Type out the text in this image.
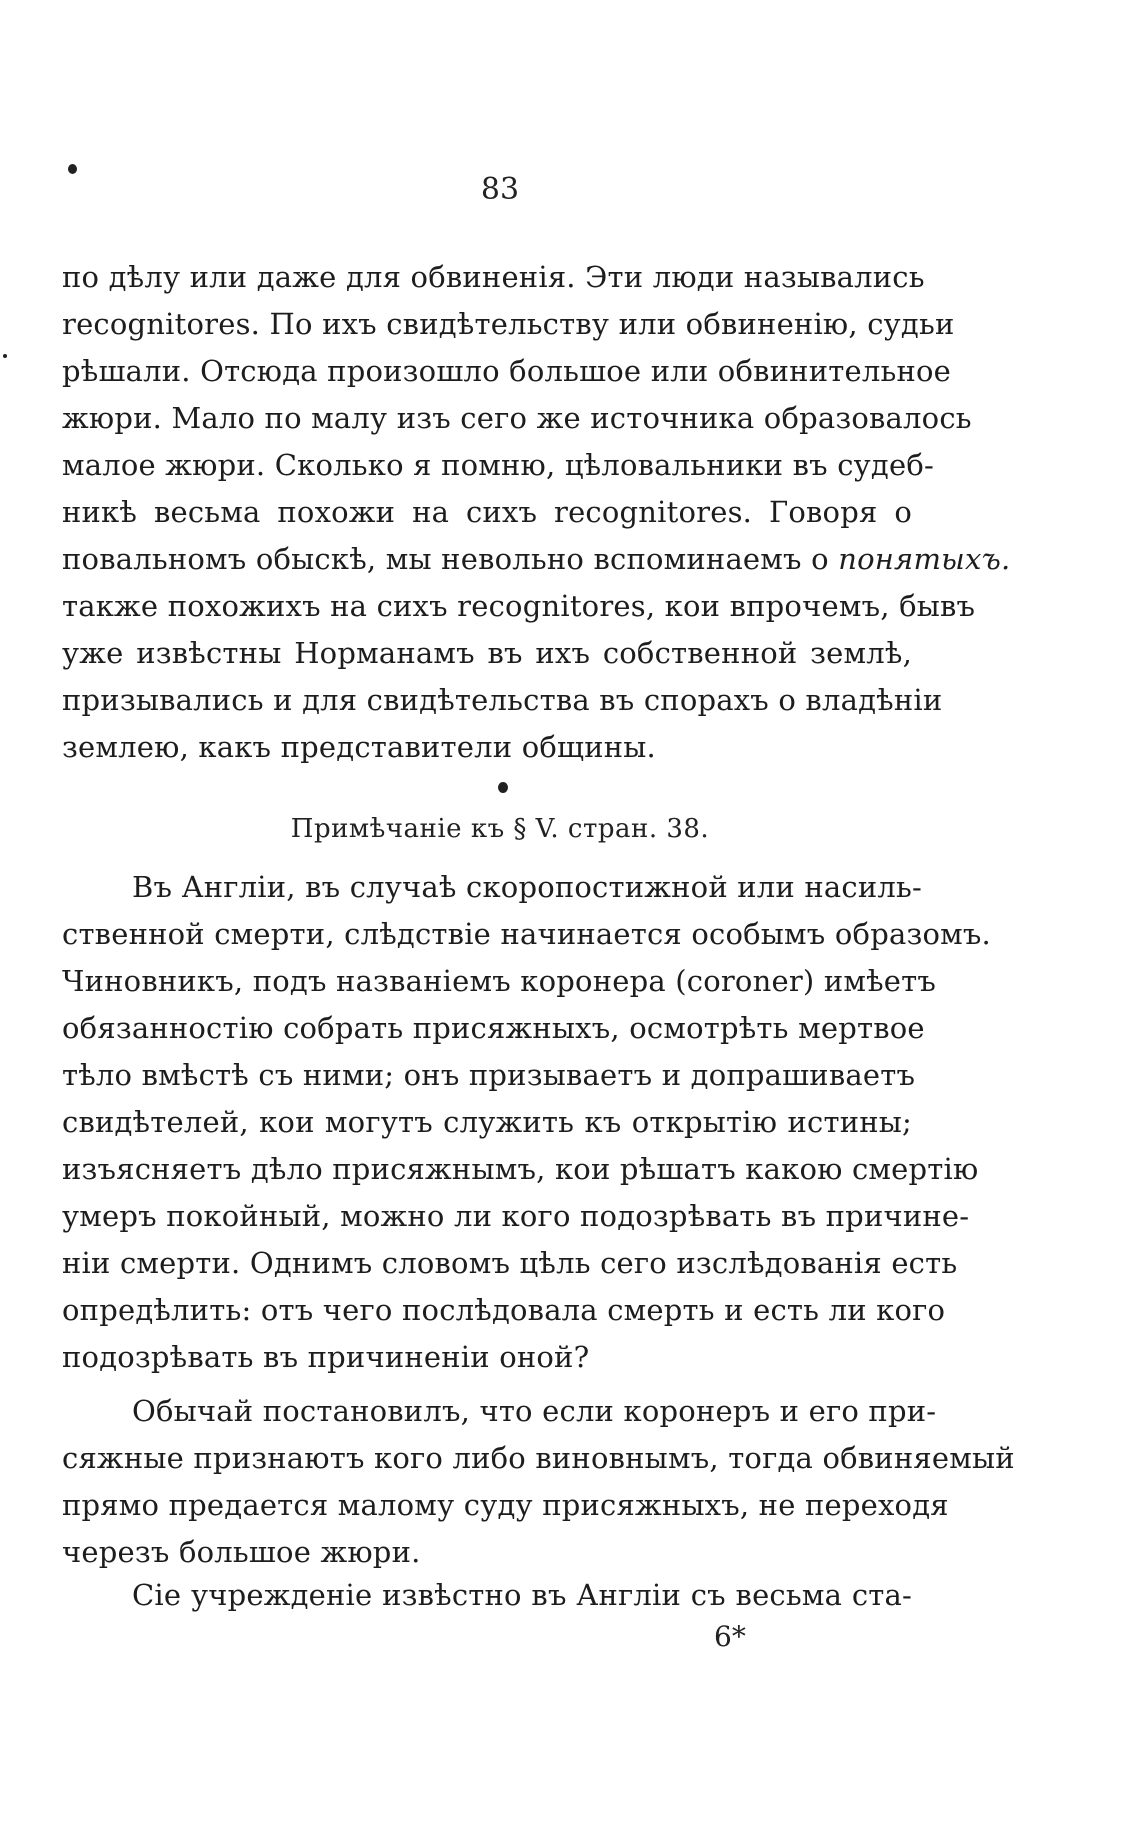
83
по дѣлу или даже для обвиненія. Эти люди назывались
recognitores. По ихъ свидѣтельству или обвиненію, судьи
рѣшали. Отсюда произошло большое или обвинительное
жюри. Мало по малу изъ сего же источника образовалось
малое жюри. Сколько я помню, цѣловальники въ судеб-
никѣ весьма похожи на сихъ recognitores. Говоря о
повальномъ обыскѣ, мы невольно вспоминаемъ о понятыхъ.
также похожихъ на сихъ recognitores, кои впрочемъ, бывъ
уже извѣстны Норманамъ въ ихъ собственной землѣ,
призывались и для свидѣтельства въ спорахъ о владѣніи
землею, какъ представители общины.
Примѣчаніе къ § V. стран. 38.
Въ Англіи, въ случаѣ скоропостижной или насиль-
ственной смерти, слѣдствіе начинается особымъ образомъ.
Чиновникъ, подъ названіемъ коронера (coroner) имѣетъ
обязанностію собрать присяжныхъ, осмотрѣть мертвое
тѣло вмѣстѣ съ ними; онъ призываетъ и допрашиваетъ
свидѣтелей, кои могутъ служить къ открытію истины;
изъясняетъ дѣло присяжнымъ, кои рѣшатъ какою смертію
умеръ покойный, можно ли кого подозрѣвать въ причине-
ніи смерти. Однимъ словомъ цѣль сего изслѣдованія есть
опредѣлить: отъ чего послѣдовала смерть и есть ли кого
подозрѣвать въ причиненіи оной?
Обычай постановилъ, что если коронеръ и его при-
сяжные признаютъ кого либо виновнымъ, тогда обвиняемый
прямо предается малому суду присяжныхъ, не переходя
черезъ большое жюри.
Сіе учрежденіе извѣстно въ Англіи съ весьма ста-
6*
